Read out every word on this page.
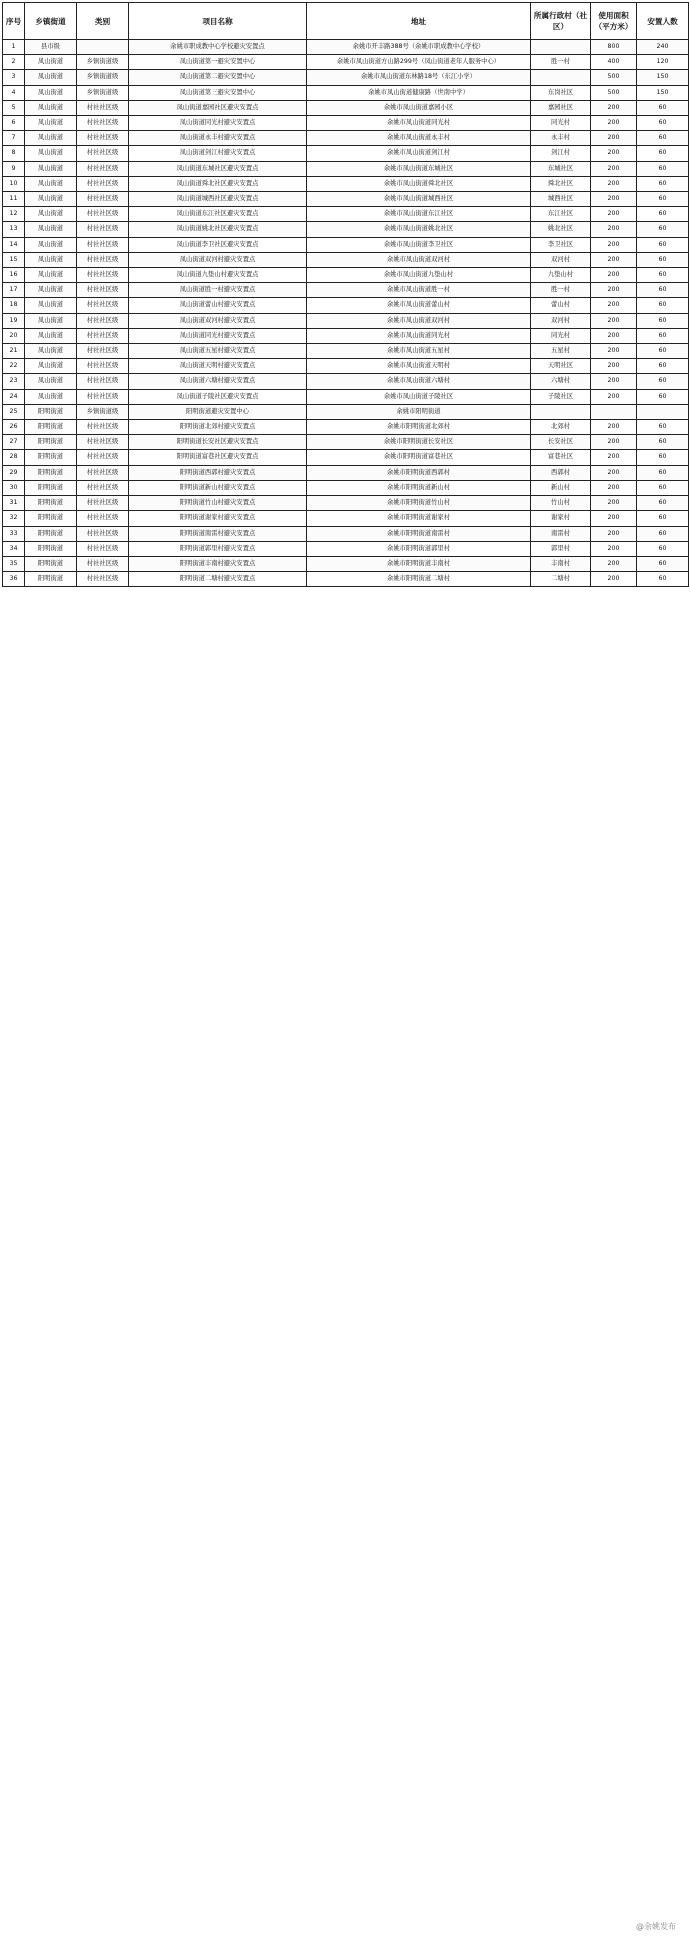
序号	乡镇街道	类别	项目名称	地址	所属行政村（社区）	使用面积（平方米）	安置人数
1	县市级		余姚市职成教中心学校避灾安置点	余姚市开丰路388号（余姚市职成教中心学校）		800	240
2	凤山街道	乡镇街道级	凤山街道第一避灾安置中心	余姚市凤山街道方山路299号（凤山街道老年人服务中心）	胜一村	400	120
3	凤山街道	乡镇街道级	凤山街道第二避灾安置中心	余姚市凤山街道东林路18号（东江小学）		500	150
4	凤山街道	乡镇街道级	凤山街道第三避灾安置中心	余姚市凤山街道健康路（世南中学）	东岗社区	500	150
5	凤山街道	村社社区级	凤山街道嘉园社区避灾安置点	余姚市凤山街道嘉园小区	嘉园社区	200	60
6	凤山街道	村社社区级	凤山街道同光村避灾安置点	余姚市凤山街道同光村	同光村	200	60
7	凤山街道	村社社区级	凤山街道永丰村避灾安置点	余姚市凤山街道永丰村	永丰村	200	60
8	凤山街道	村社社区级	凤山街道剑江村避灾安置点	余姚市凤山街道剑江村	剑江村	200	60
9	凤山街道	村社社区级	凤山街道东城社区避灾安置点	余姚市凤山街道东城社区	东城社区	200	60
10	凤山街道	村社社区级	凤山街道舜北社区避灾安置点	余姚市凤山街道舜北社区	舜北社区	200	60
11	凤山街道	村社社区级	凤山街道城西社区避灾安置点	余姚市凤山街道城西社区	城西社区	200	60
12	凤山街道	村社社区级	凤山街道东江社区避灾安置点	余姚市凤山街道东江社区	东江社区	200	60
13	凤山街道	村社社区级	凤山街道姚北社区避灾安置点	余姚市凤山街道姚北社区	姚北社区	200	60
14	凤山街道	村社社区级	凤山街道李卫社区避灾安置点	余姚市凤山街道李卫社区	李卫社区	200	60
15	凤山街道	村社社区级	凤山街道双河村避灾安置点	余姚市凤山街道双河村	双河村	200	60
16	凤山街道	村社社区级	凤山街道九垫山村避灾安置点	余姚市凤山街道九垫山村	九垫山村	200	60
17	凤山街道	村社社区级	凤山街道胜一村避灾安置点	余姚市凤山街道胜一村	胜一村	200	60
18	凤山街道	村社社区级	凤山街道蕾山村避灾安置点	余姚市凤山街道蕾山村	蕾山村	200	60
19	凤山街道	村社社区级	凤山街道双河村避灾安置点	余姚市凤山街道双河村	双河村	200	60
20	凤山街道	村社社区级	凤山街道同光村避灾安置点	余姚市凤山街道同光村	同光村	200	60
21	凤山街道	村社社区级	凤山街道五星村避灾安置点	余姚市凤山街道五星村	五星村	200	60
22	凤山街道	村社社区级	凤山街道天明村避灾安置点	余姚市凤山街道天明村	天明社区	200	60
23	凤山街道	村社社区级	凤山街道六塘村避灾安置点	余姚市凤山街道六塘村	六塘村	200	60
24	凤山街道	村社社区级	凤山街道子陵社区避灾安置点	余姚市凤山街道子陵社区	子陵社区	200	60
25	阳明街道	乡镇街道级	阳明街道避灾安置中心	余姚市阳明街道			
26	阳明街道	村社社区级	阳明街道北郊村避灾安置点	余姚市阳明街道北郊村	北郊村	200	60
27	阳明街道	村社社区级	阳明街道长安社区避灾安置点	余姚市阳明街道长安社区	长安社区	200	60
28	阳明街道	村社社区级	阳明街道富巷社区避灾安置点	余姚市阳明街道富巷社区	富巷社区	200	60
29	阳明街道	村社社区级	阳明街道西郭村避灾安置点	余姚市阳明街道西郭村	西郭村	200	60
30	阳明街道	村社社区级	阳明街道新山村避灾安置点	余姚市阳明街道新山村	新山村	200	60
31	阳明街道	村社社区级	阳明街道竹山村避灾安置点	余姚市阳明街道竹山村	竹山村	200	60
32	阳明街道	村社社区级	阳明街道谢家村避灾安置点	余姚市阳明街道谢家村	谢家村	200	60
33	阳明街道	村社社区级	阳明街道南雷村避灾安置点	余姚市阳明街道南雷村	南雷村	200	60
34	阳明街道	村社社区级	阳明街道郭里村避灾安置点	余姚市阳明街道郭里村	郭里村	200	60
35	阳明街道	村社社区级	阳明街道丰南村避灾安置点	余姚市阳明街道丰南村	丰南村	200	60
36	阳明街道	村社社区级	阳明街道二塘村避灾安置点	余姚市阳明街道二塘村	二塘村	200	60
@余姚发布
